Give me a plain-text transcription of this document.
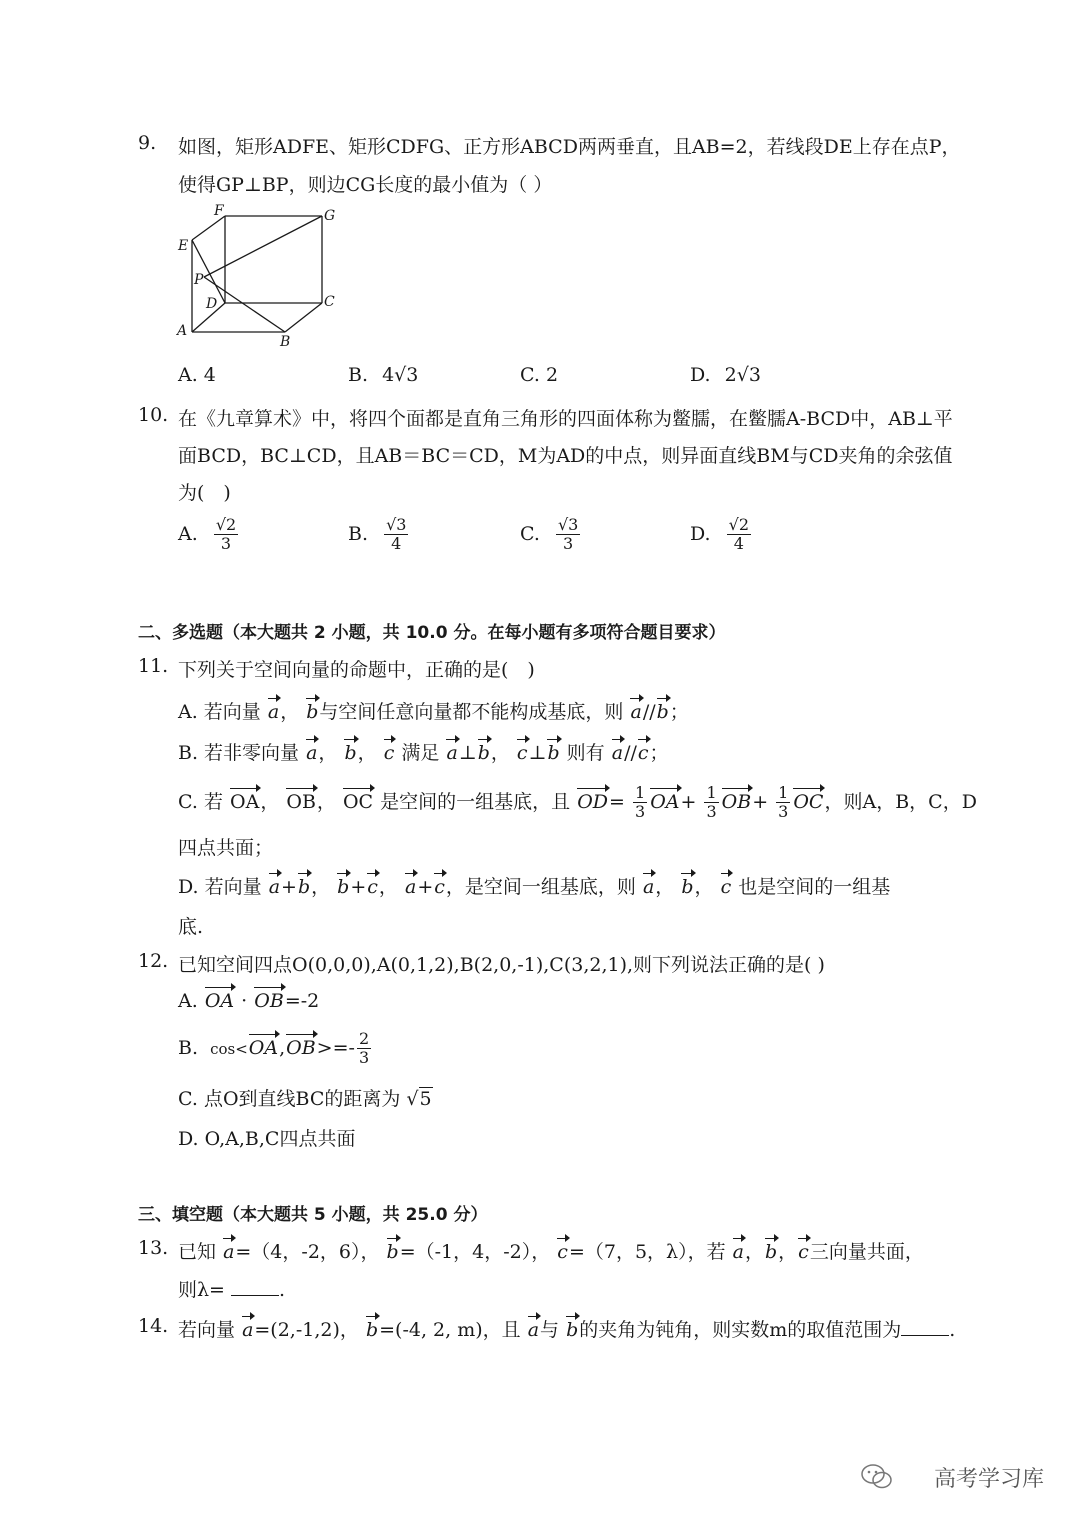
9. 如图，矩形ADFE、矩形CDFG、正方形ABCD两两垂直，且AB=2，若线段DE上存在点P，
使得GP⊥BP，则边CG长度的最小值为（ ）
F	G
E
P
D	C
A
B
A. 4	B. 4√3	C. 2	D. 2√3
10. 在《九章算术》中，将四个面都是直角三角形的四面体称为鳖臑，在鳖臑A-BCD中，AB⊥平
面BCD，BC⊥CD，且AB＝BC＝CD，M为AD的中点，则异面直线BM与CD夹角的余弦值
为(　)
A. $\frac{√2}{3}$	B. $\frac{√3}{4}$	C. $\frac{√3}{3}$	D. $\frac{√2}{4}$
二、多选题（本大题共 2 小题，共 10.0 分。在每小题有多项符合题目要求）
11. 下列关于空间向量的命题中，正确的是(　)
A. 若向量 a， b与空间任意向量都不能构成基底，则 a//b；
B. 若非零向量 a， b， c 满足 a⊥b， c⊥b 则有 a//c；
C. 若 OA， OB， OC 是空间的一组基底，且 $OD= \frac{1}{3} OA+ \frac{1}{3} OB+ \frac{1}{3}$ OC，则A，B，C，D
四点共面；
D. 若向量 a+b， b+c， a+c，是空间一组基底，则 a， b， c 也是空间的一组基
底.
12. 已知空间四点O(0,0,0),A(0,1,2),B(2,0,-1),C(3,2,1),则下列说法正确的是( )
A. OA · OB=-2
B. $\cos<OA,OB>=- \frac{2}{3}$
C. 点O到直线BC的距离为 √ 5
D. O,A,B,C四点共面
三、填空题（本大题共 5 小题，共 25.0 分）
13. 已知 a=（4，-2，6）， b=（-1，4，-2）， c=（7，5，λ），若 a，b，c三向量共面，
则λ=	.
14. 若向量 a=(2,-1,2)， b=(-4, 2, m)，且 a与 b的夹角为钝角，则实数m的取值范围为	.
高考学习库
